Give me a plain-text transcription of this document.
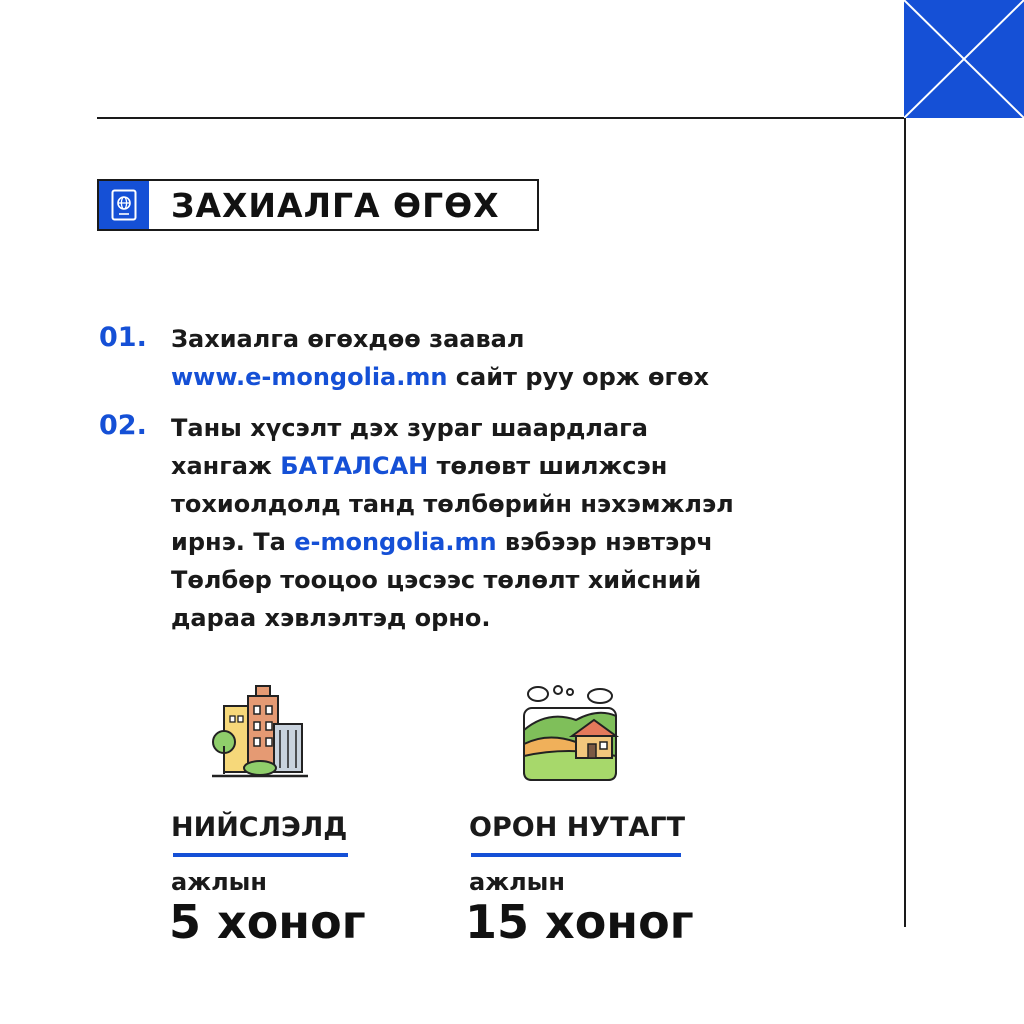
ЗАХИАЛГА ӨГӨХ
01. Захиалга өгөхдөө заавал
www.e-mongolia.mn сайт руу орж өгөх
02. Таны хүсэлт дэх зураг шаардлага
хангаж БАТАЛСАН төлөвт шилжсэн
тохиолдолд танд төлбөрийн нэхэмжлэл
ирнэ. Та e-mongolia.mn вэбээр нэвтэрч
Төлбөр тооцоо цэсээс төлөлт хийсний
дараа хэвлэлтэд орно.
НИЙСЛЭЛД
ажлын
5 хоног
ОРОН НУТАГТ
ажлын
15 хоног
